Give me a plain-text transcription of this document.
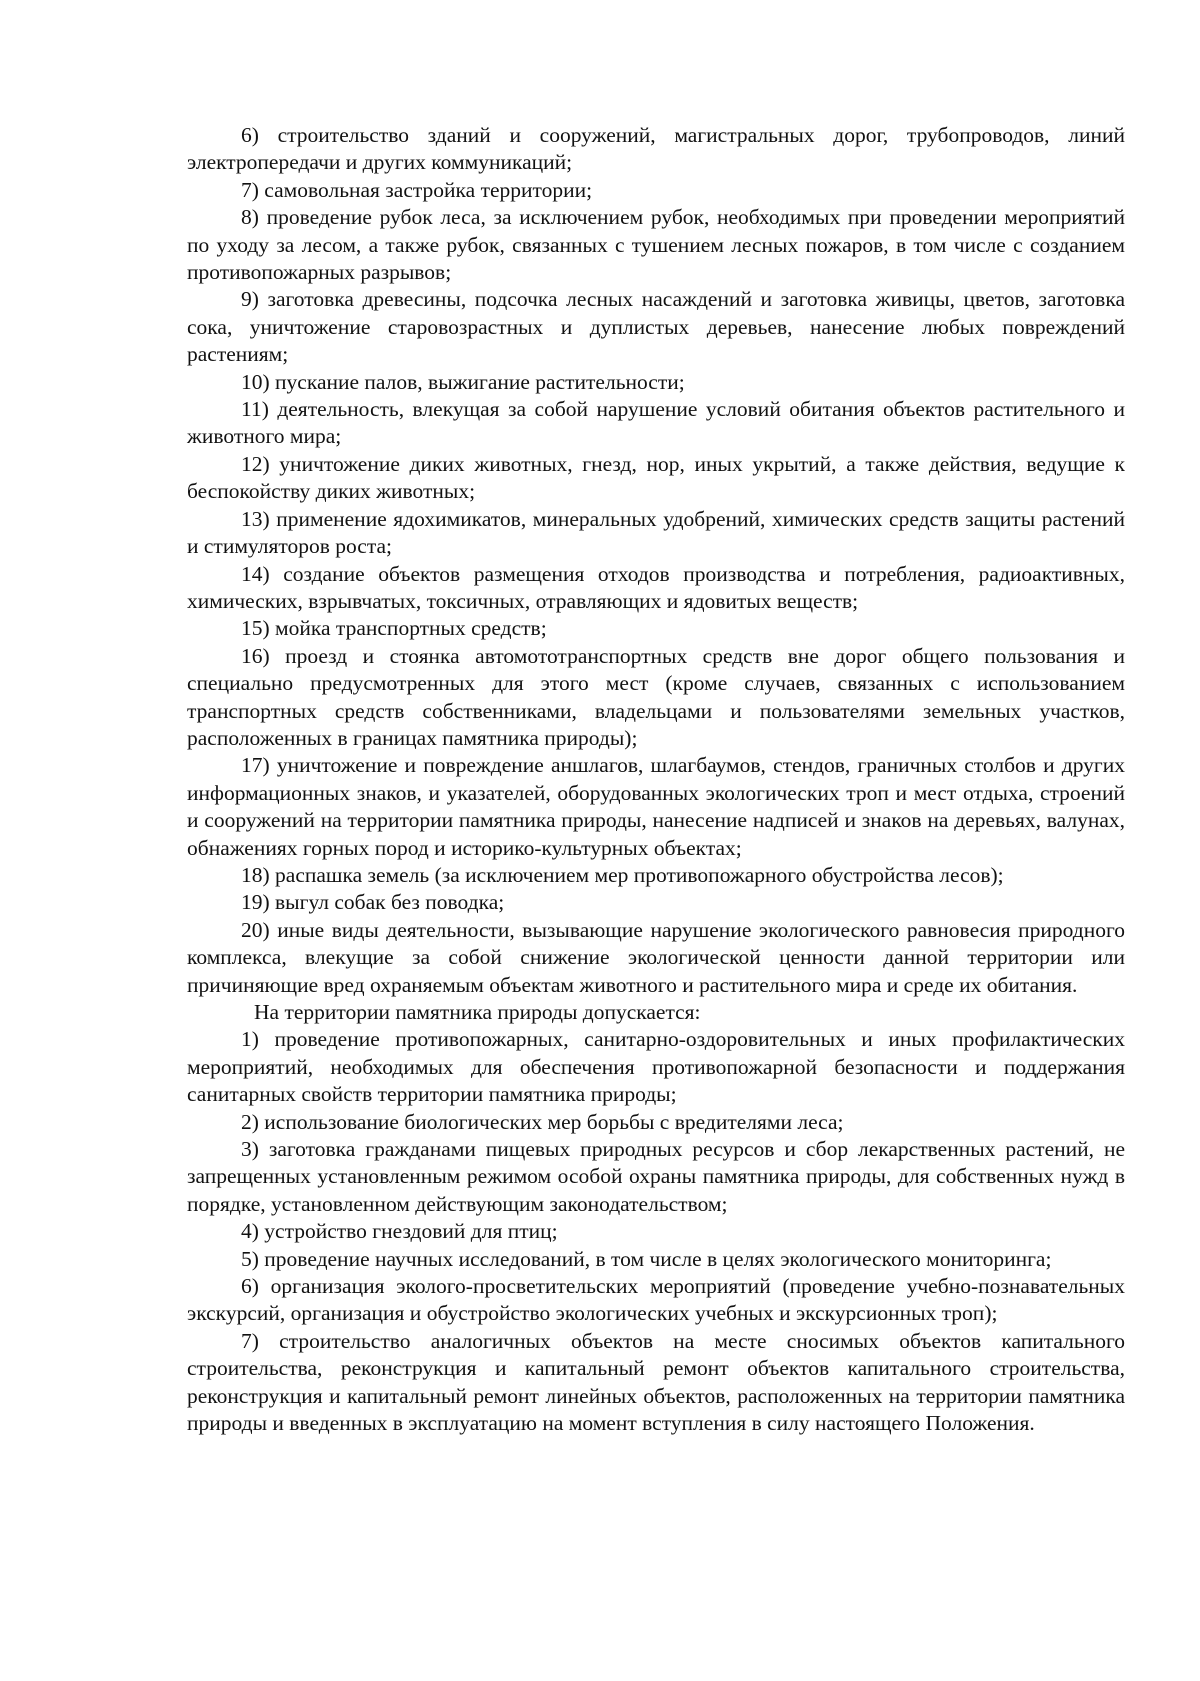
6) строительство зданий и сооружений, магистральных дорог, трубопроводов, линий электропередачи и других коммуникаций;

7) самовольная застройка территории;

8) проведение рубок леса, за исключением рубок, необходимых при проведении мероприятий по уходу за лесом, а также рубок, связанных с тушением лесных пожаров, в том числе с созданием противопожарных разрывов;

9) заготовка древесины, подсочка лесных насаждений и заготовка живицы, цветов, заготовка сока, уничтожение старовозрастных и дуплистых деревьев, нанесение любых повреждений растениям;

10) пускание палов, выжигание растительности;

11) деятельность, влекущая за собой нарушение условий обитания объектов растительного и животного мира;

12) уничтожение диких животных, гнезд, нор, иных укрытий, а также действия, ведущие к беспокойству диких животных;

13) применение ядохимикатов, минеральных удобрений, химических средств защиты растений и стимуляторов роста;

14) создание объектов размещения отходов производства и потребления, радиоактивных, химических, взрывчатых, токсичных, отравляющих и ядовитых веществ;

15) мойка транспортных средств;

16) проезд и стоянка автомототранспортных средств вне дорог общего пользования и специально предусмотренных для этого мест (кроме случаев, связанных с использованием транспортных средств собственниками, владельцами и пользователями земельных участков, расположенных в границах памятника природы);

17) уничтожение и повреждение аншлагов, шлагбаумов, стендов, граничных столбов и других информационных знаков, и указателей, оборудованных экологических троп и мест отдыха, строений и сооружений на территории памятника природы, нанесение надписей и знаков на деревьях, валунах, обнажениях горных пород и историко-культурных объектах;

18) распашка земель (за исключением мер противопожарного обустройства лесов);

19) выгул собак без поводка;

20) иные виды деятельности, вызывающие нарушение экологического равновесия природного комплекса, влекущие за собой снижение экологической ценности данной территории или причиняющие вред охраняемым объектам животного и растительного мира и среде их обитания.

На территории памятника природы допускается:

1) проведение противопожарных, санитарно-оздоровительных и иных профилактических мероприятий, необходимых для обеспечения противопожарной безопасности и поддержания санитарных свойств территории памятника природы;

2) использование биологических мер борьбы с вредителями леса;

3) заготовка гражданами пищевых природных ресурсов и сбор лекарственных растений, не запрещенных установленным режимом особой охраны памятника природы, для собственных нужд в порядке, установленном действующим законодательством;

4) устройство гнездовий для птиц;

5) проведение научных исследований, в том числе в целях экологического мониторинга;

6) организация эколого-просветительских мероприятий (проведение учебно-познавательных экскурсий, организация и обустройство экологических учебных и экскурсионных троп);

7) строительство аналогичных объектов на месте сносимых объектов капитального строительства, реконструкция и капитальный ремонт объектов капитального строительства, реконструкция и капитальный ремонт линейных объектов, расположенных на территории памятника природы и введенных в эксплуатацию на момент вступления в силу настоящего Положения.
